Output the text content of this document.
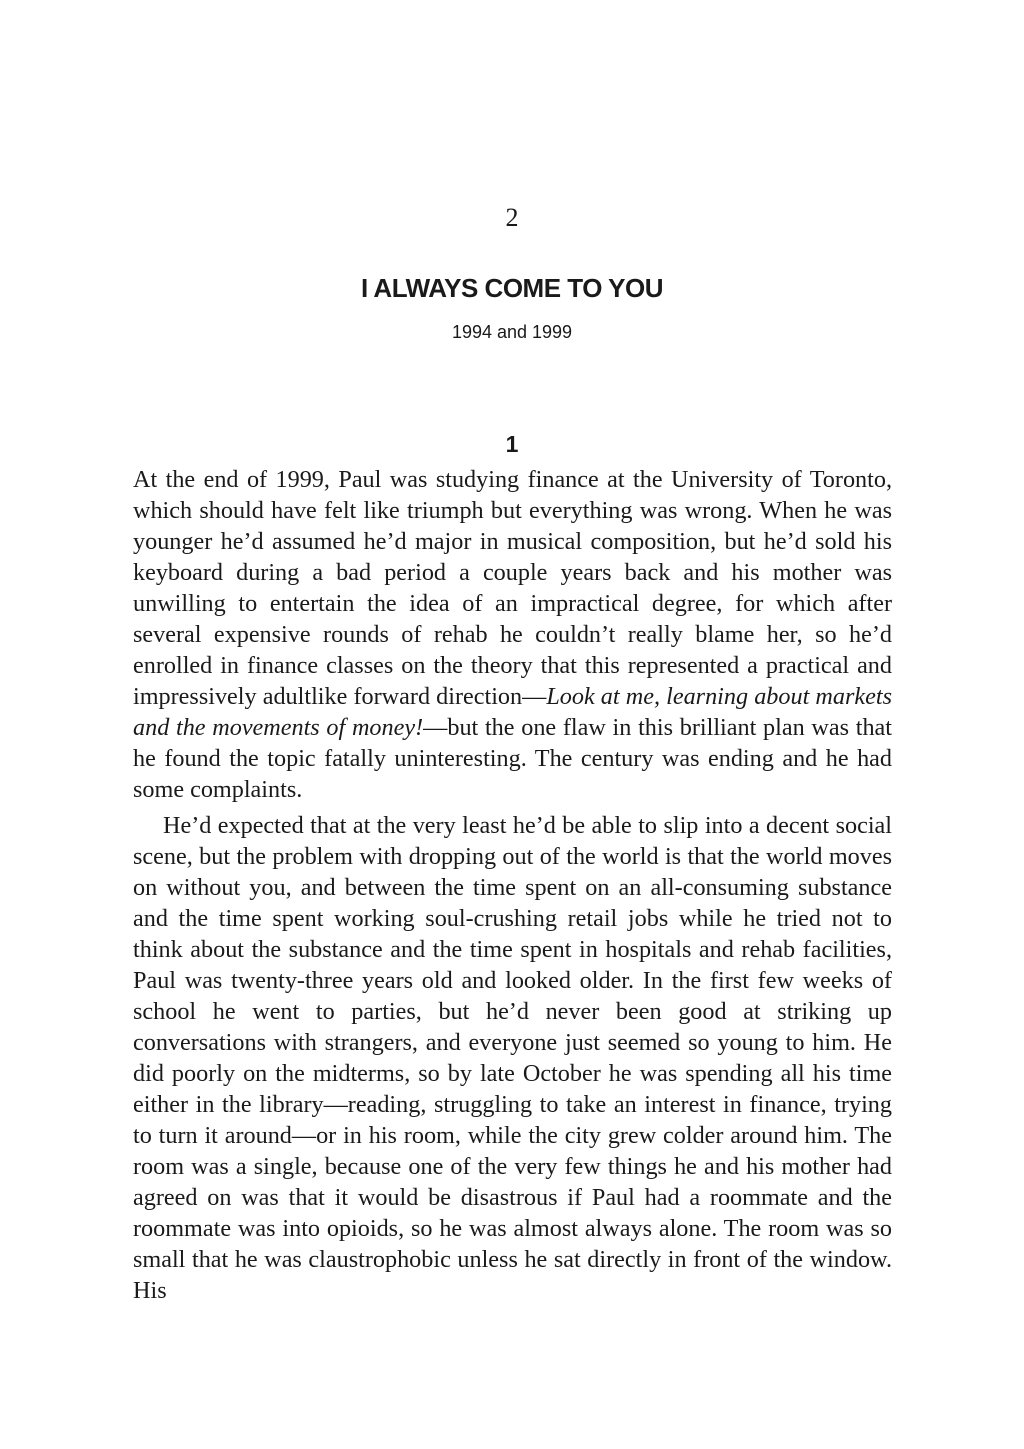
2
I ALWAYS COME TO YOU
1994 and 1999
1

At the end of 1999, Paul was studying finance at the University of Toronto, which should have felt like triumph but everything was wrong. When he was younger he’d assumed he’d major in musical composition, but he’d sold his keyboard during a bad period a couple years back and his mother was unwilling to entertain the idea of an impractical degree, for which after several expensive rounds of rehab he couldn’t really blame her, so he’d enrolled in finance classes on the theory that this represented a practical and impressively adultlike forward direction—Look at me, learning about markets and the movements of money!—but the one flaw in this brilliant plan was that he found the topic fatally uninteresting. The century was ending and he had some complaints.

He’d expected that at the very least he’d be able to slip into a decent social scene, but the problem with dropping out of the world is that the world moves on without you, and between the time spent on an all-consuming substance and the time spent working soul-crushing retail jobs while he tried not to think about the substance and the time spent in hospitals and rehab facilities, Paul was twenty-three years old and looked older. In the first few weeks of school he went to parties, but he’d never been good at striking up conversations with strangers, and everyone just seemed so young to him. He did poorly on the midterms, so by late October he was spending all his time either in the library—reading, struggling to take an interest in finance, trying to turn it around—or in his room, while the city grew colder around him. The room was a single, because one of the very few things he and his mother had agreed on was that it would be disastrous if Paul had a roommate and the roommate was into opioids, so he was almost always alone. The room was so small that he was claustrophobic unless he sat directly in front of the window. His
